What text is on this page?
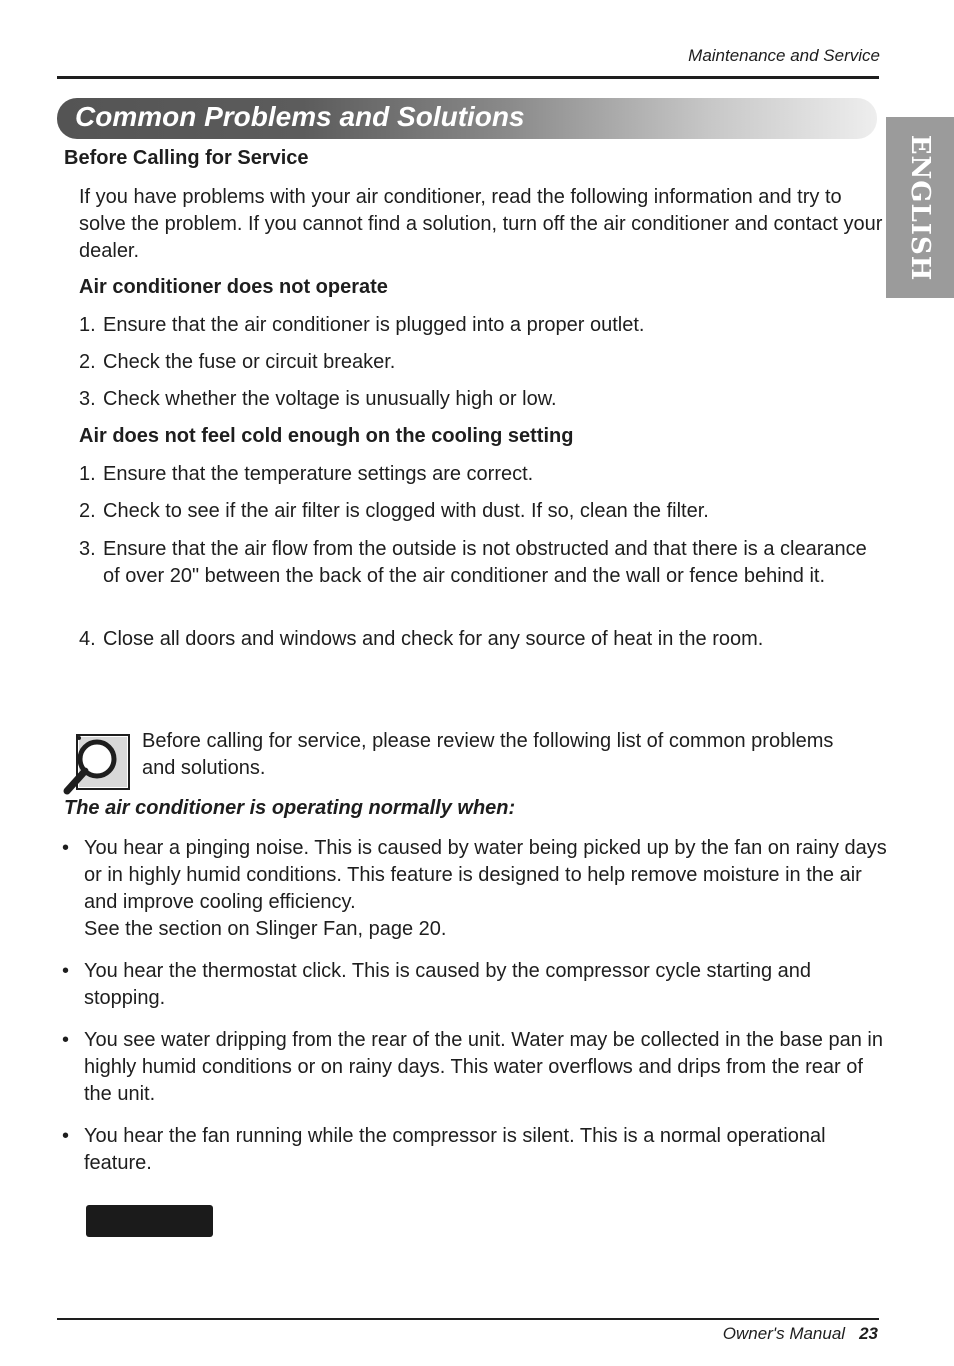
Maintenance and Service
Common Problems and Solutions
ENGLISH
Before Calling for Service
If you have problems with your air conditioner, read the following information and try to solve the problem. If you cannot find a solution, turn off the air conditioner and contact your dealer.
Air conditioner does not operate
1. Ensure that the air conditioner is plugged into a proper outlet.
2. Check the fuse or circuit breaker.
3. Check whether the voltage is unusually high or low.
Air does not feel cold enough on the cooling setting
1. Ensure that the temperature settings are correct.
2. Check to see if the air filter is clogged with dust. If so, clean the filter.
3. Ensure that the air flow from the outside is not obstructed and that there is a clearance of over 20" between the back of the air conditioner and the wall or fence behind it.
4. Close all doors and windows and check for any source of heat in the room.
Before calling for service, please review the following list of common problems and solutions.
The air conditioner is operating normally when:
• You hear a pinging noise. This is caused by water being picked up by the fan on rainy days or in highly humid conditions. This feature is designed to help remove moisture in the air and improve cooling efficiency.
See the section on Slinger Fan, page 20.
• You hear the thermostat click. This is caused by the compressor cycle starting and stopping.
• You see water dripping from the rear of the unit. Water may be collected in the base pan in highly humid conditions or on rainy days. This water overflows and drips from the rear of the unit.
• You hear the fan running while the compressor is silent. This is a normal operational feature.
Owner's Manual 23
